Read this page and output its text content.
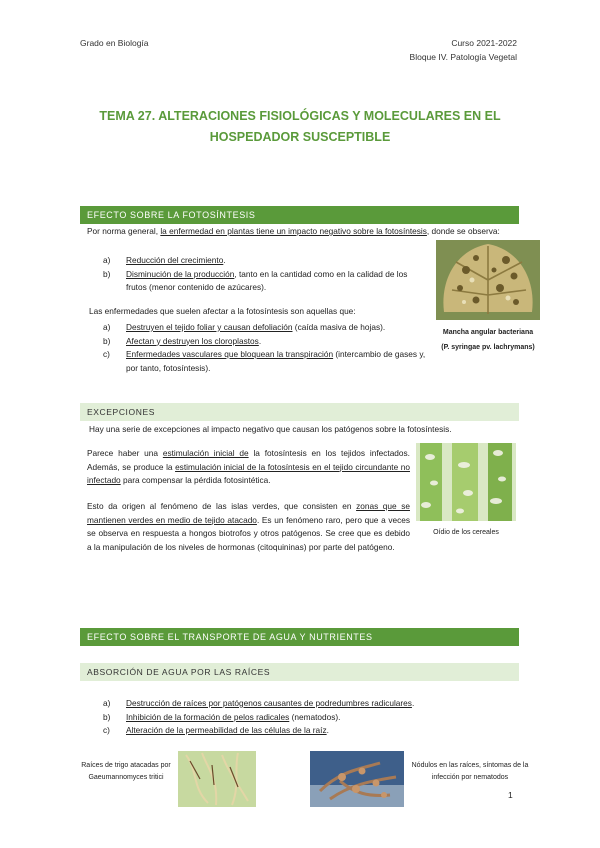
Grado en Biología	Curso 2021-2022
Bloque IV. Patología Vegetal
TEMA 27. ALTERACIONES FISIOLÓGICAS Y MOLECULARES EN EL
HOSPEDADOR SUSCEPTIBLE
EFECTO SOBRE LA FOTOSÍNTESIS
Por norma general, la enfermedad en plantas tiene un impacto negativo sobre la fotosíntesis, donde se observa:
a) Reducción del crecimiento.
b) Disminución de la producción, tanto en la cantidad como en la calidad de los frutos (menor contenido de azúcares).
Las enfermedades que suelen afectar a la fotosíntesis son aquellas que:
a) Destruyen el tejido foliar y causan defoliación (caída masiva de hojas).
b) Afectan y destruyen los cloroplastos.
c) Enfermedades vasculares que bloquean la transpiración (intercambio de gases y, por tanto, fotosíntesis).
Mancha angular bacteriana
(P. syringae pv. lachrymans)
EXCEPCIONES
Hay una serie de excepciones al impacto negativo que causan los patógenos sobre la fotosíntesis.
Parece haber una estimulación inicial de la fotosíntesis en los tejidos infectados. Además, se produce la estimulación inicial de la fotosíntesis en el tejido circundante no infectado para compensar la pérdida fotosintética.
Esto da origen al fenómeno de las islas verdes, que consisten en zonas que se mantienen verdes en medio de tejido atacado. Es un fenómeno raro, pero que a veces se observa en respuesta a hongos biotrofos y otros patógenos. Se cree que es debido a la manipulación de los niveles de hormonas (citoquininas) por parte del patógeno.
Oídio de los cereales
EFECTO SOBRE EL TRANSPORTE DE AGUA Y NUTRIENTES
ABSORCIÓN DE AGUA POR LAS RAÍCES
a) Destrucción de raíces por patógenos causantes de podredumbres radiculares.
b) Inhibición de la formación de pelos radicales (nematodos).
c) Alteración de la permeabilidad de las células de la raíz.
Raíces de trigo atacadas por
Gaeumannomyces tritici
Nódulos en las raíces, síntomas de la
infección por nematodos
1
